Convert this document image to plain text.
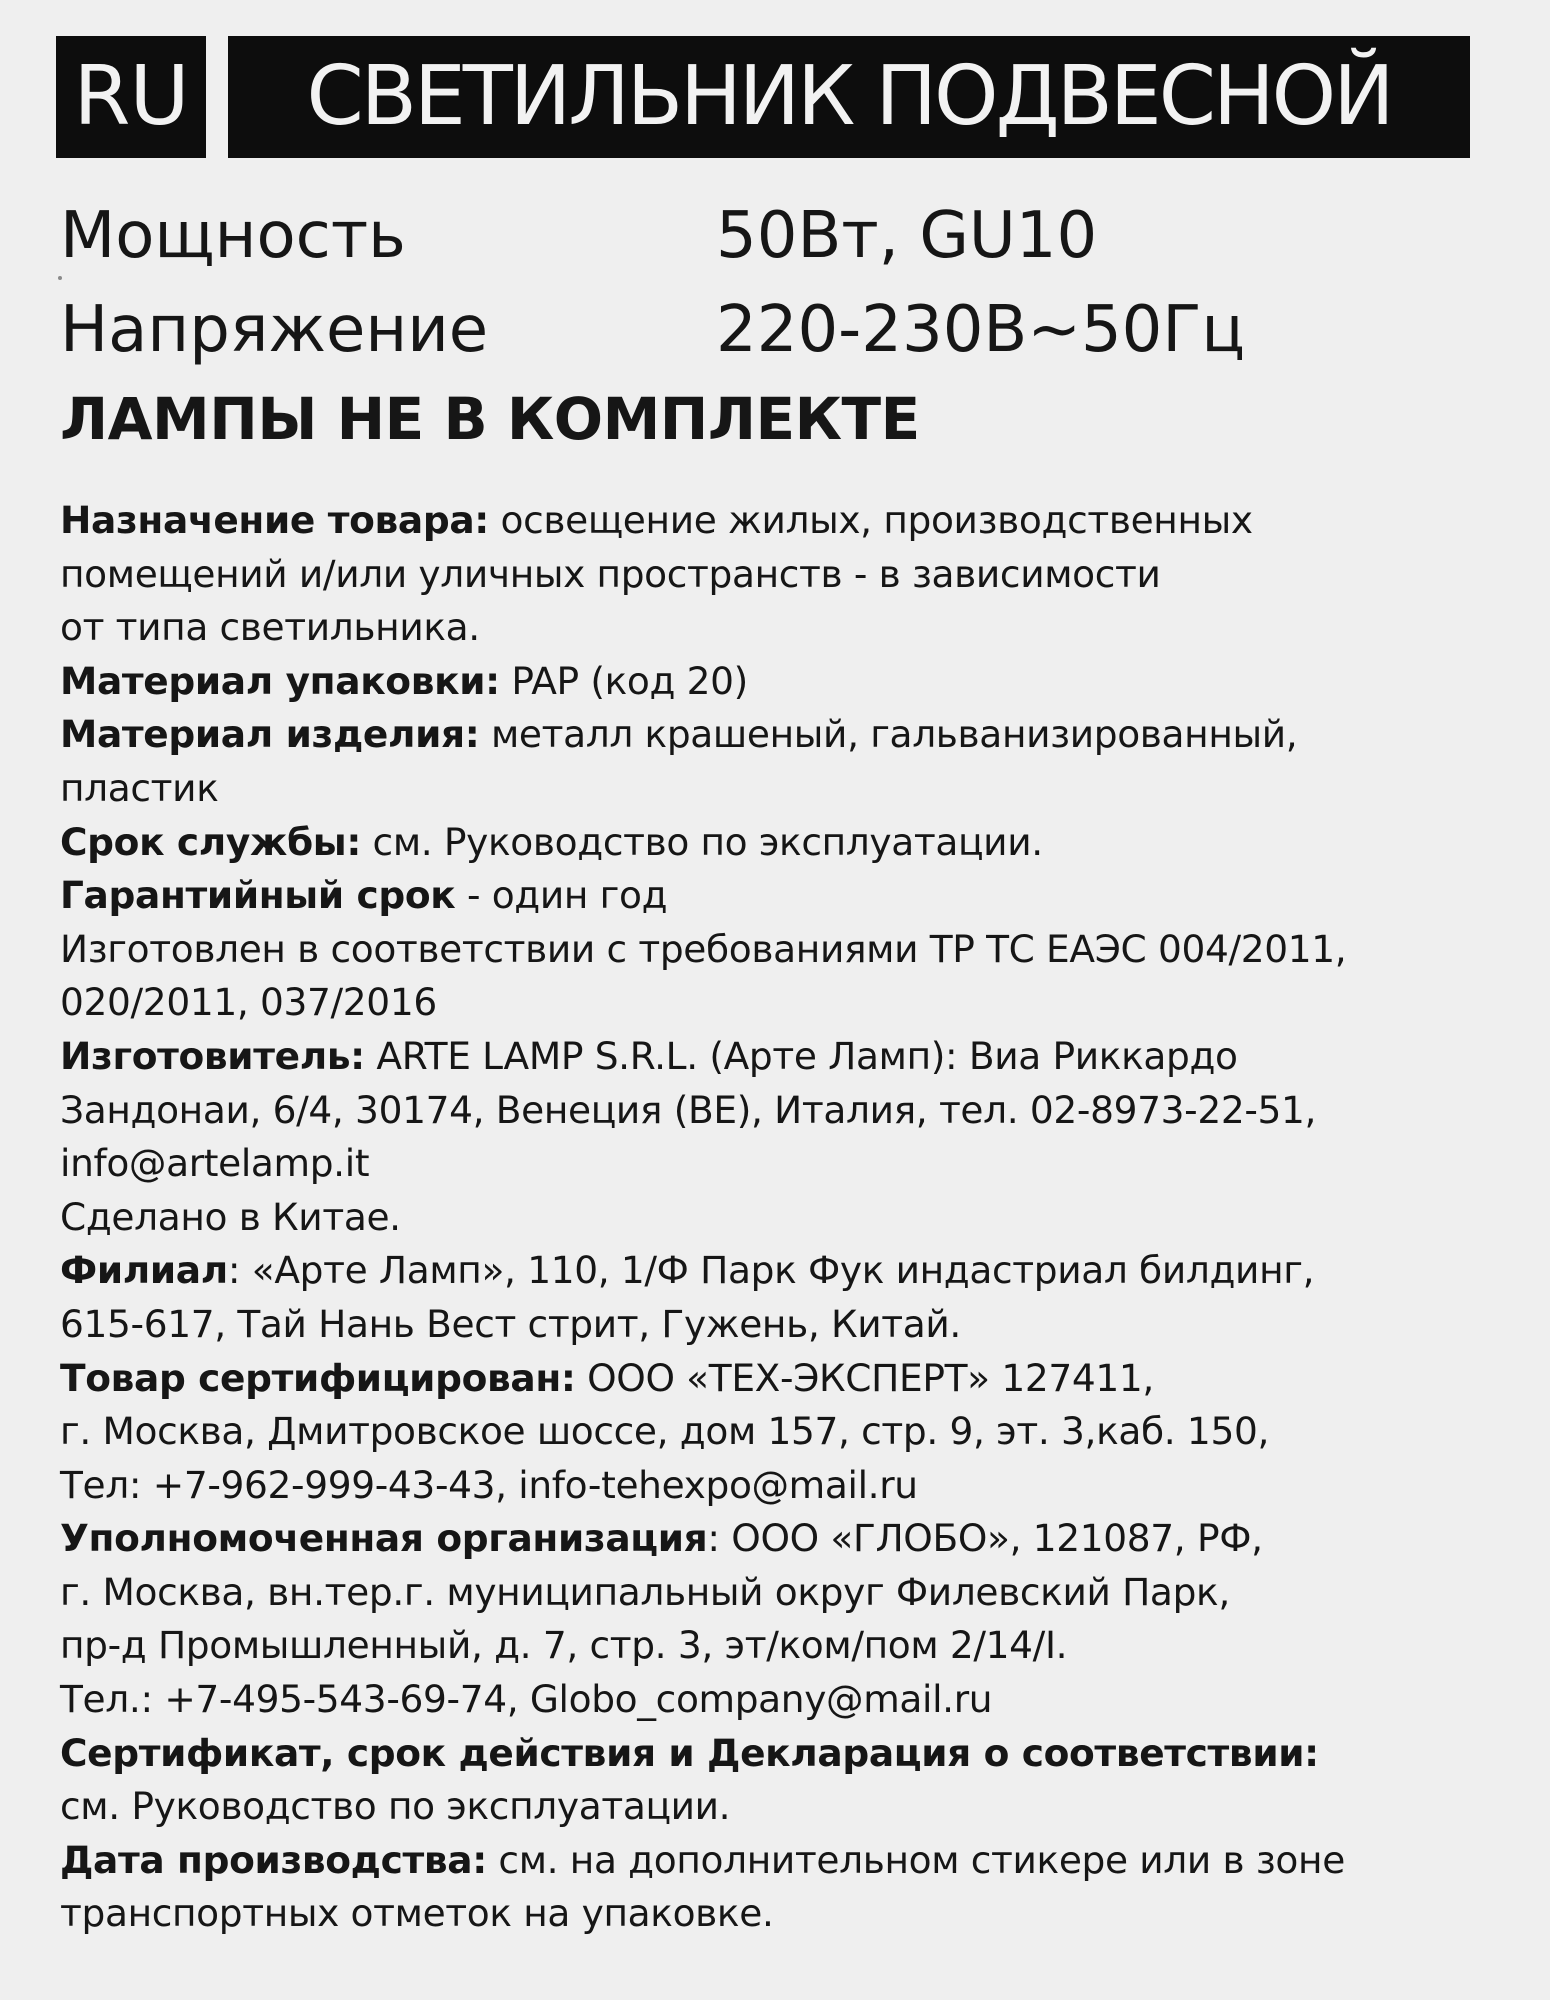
RU	СВЕТИЛЬНИК ПОДВЕСНОЙ
Мощность	50Вт, GU10
Напряжение	220-230В~50Гц
ЛАМПЫ НЕ В КОМПЛЕКТЕ
Назначение товара: освещение жилых, производственных
помещений и/или уличных пространств - в зависимости
от типа светильника.
Материал упаковки: PAP (код 20)
Материал изделия: металл крашеный, гальванизированный,
пластик
Срок службы: см. Руководство по эксплуатации.
Гарантийный срок - один год
Изготовлен в соответствии с требованиями ТР ТС ЕАЭС 004/2011,
020/2011, 037/2016
Изготовитель: ARTE LAMP S.R.L. (Арте Ламп): Виа Риккардо
Зандонаи, 6/4, 30174, Венеция (ВЕ), Италия, тел. 02-8973-22-51,
info@artelamp.it
Сделано в Китае.
Филиал: «Арте Ламп», 110, 1/Ф Парк Фук индастриал билдинг,
615-617, Тай Нань Вест стрит, Гужень, Китай.
Товар сертифицирован: ООО «ТЕХ-ЭКСПЕРТ» 127411,
г. Москва, Дмитровское шоссе, дом 157, стр. 9, эт. 3,каб. 150,
Тел: +7-962-999-43-43, info-tehexpo@mail.ru
Уполномоченная организация: ООО «ГЛОБО», 121087, РФ,
г. Москва, вн.тер.г. муниципальный округ Филевский Парк,
пр-д Промышленный, д. 7, стр. 3, эт/ком/пом 2/14/I.
Тел.: +7-495-543-69-74, Globo_company@mail.ru
Сертификат, срок действия и Декларация о соответствии:
см. Руководство по эксплуатации.
Дата производства: см. на дополнительном стикере или в зоне
транспортных отметок на упаковке.
